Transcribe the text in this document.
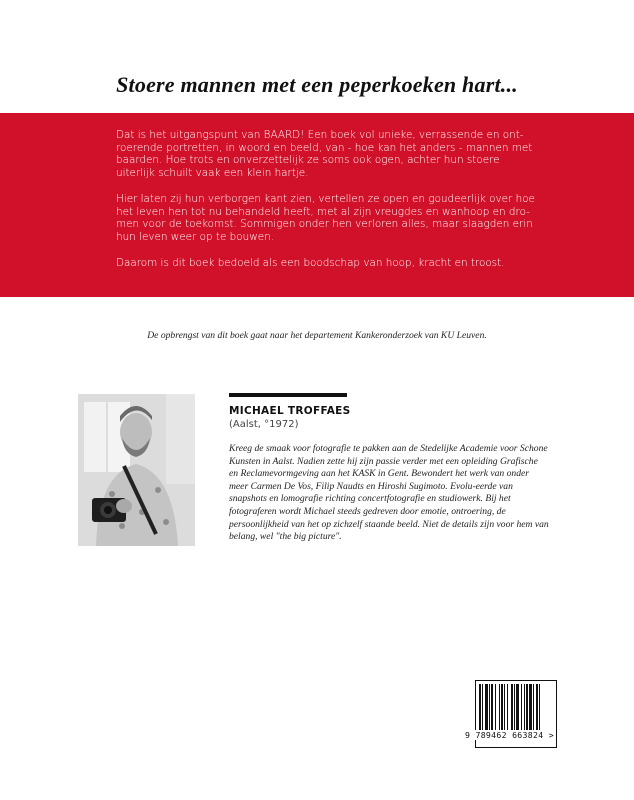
Stoere mannen met een peperkoeken hart...

Dat is het uitgangspunt van BAARD! Een boek vol unieke, verrassende en ont-roerende portretten, in woord en beeld, van - hoe kan het anders - mannen met baarden. Hoe trots en onverzettelijk ze soms ook ogen, achter hun stoere uiterlijk schuilt vaak een klein hartje.

Hier laten zij hun verborgen kant zien, vertellen ze open en goudeerlijk over hoe het leven hen tot nu behandeld heeft, met al zijn vreugdes en wanhoop en dro-men voor de toekomst. Sommigen onder hen verloren alles, maar slaagden erin hun leven weer op te bouwen.

Daarom is dit boek bedoeld als een boodschap van hoop, kracht en troost.

De opbrengst van dit boek gaat naar het departement Kankeronderzoek van KU Leuven.
MICHAEL TROFFAES
(Aalst, °1972)

Kreeg de smaak voor fotografie te pakken aan de Stedelijke Academie voor Schone Kunsten in Aalst. Nadien zette hij zijn passie verder met een opleiding Grafische en Reclamevormgeving aan het KASK in Gent. Bewondert het werk van onder meer Carmen De Vos, Filip Naudts en Hiroshi Sugimoto. Evolu-eerde van snapshots en lomografie richting concertfotografie en studiowerk. Bij het fotograferen wordt Michael steeds gedreven door emotie, ontroering, de persoonlijkheid van het op zichzelf staande beeld. Niet de details zijn voor hem van belang, wel "the big picture".

9 789462 663824 >
